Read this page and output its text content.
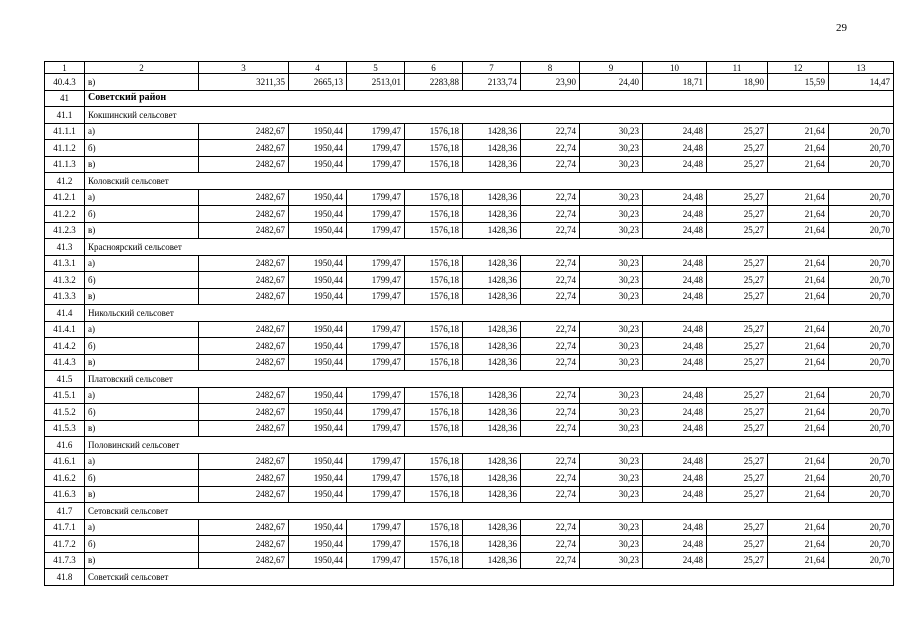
29
1	2	3	4	5	6	7	8	9	10	11	12	13
40.4.3	в)	3211,35	2665,13	2513,01	2283,88	2133,74	23,90	24,40	18,71	18,90	15,59	14,47
41	Советский район											
41.1	Кокшинский сельсовет											
41.1.1	а)	2482,67	1950,44	1799,47	1576,18	1428,36	22,74	30,23	24,48	25,27	21,64	20,70
41.1.2	б)	2482,67	1950,44	1799,47	1576,18	1428,36	22,74	30,23	24,48	25,27	21,64	20,70
41.1.3	в)	2482,67	1950,44	1799,47	1576,18	1428,36	22,74	30,23	24,48	25,27	21,64	20,70
41.2	Коловский сельсовет											
41.2.1	а)	2482,67	1950,44	1799,47	1576,18	1428,36	22,74	30,23	24,48	25,27	21,64	20,70
41.2.2	б)	2482,67	1950,44	1799,47	1576,18	1428,36	22,74	30,23	24,48	25,27	21,64	20,70
41.2.3	в)	2482,67	1950,44	1799,47	1576,18	1428,36	22,74	30,23	24,48	25,27	21,64	20,70
41.3	Красноярский сельсовет											
41.3.1	а)	2482,67	1950,44	1799,47	1576,18	1428,36	22,74	30,23	24,48	25,27	21,64	20,70
41.3.2	б)	2482,67	1950,44	1799,47	1576,18	1428,36	22,74	30,23	24,48	25,27	21,64	20,70
41.3.3	в)	2482,67	1950,44	1799,47	1576,18	1428,36	22,74	30,23	24,48	25,27	21,64	20,70
41.4	Никольский сельсовет											
41.4.1	а)	2482,67	1950,44	1799,47	1576,18	1428,36	22,74	30,23	24,48	25,27	21,64	20,70
41.4.2	б)	2482,67	1950,44	1799,47	1576,18	1428,36	22,74	30,23	24,48	25,27	21,64	20,70
41.4.3	в)	2482,67	1950,44	1799,47	1576,18	1428,36	22,74	30,23	24,48	25,27	21,64	20,70
41.5	Платовский сельсовет											
41.5.1	а)	2482,67	1950,44	1799,47	1576,18	1428,36	22,74	30,23	24,48	25,27	21,64	20,70
41.5.2	б)	2482,67	1950,44	1799,47	1576,18	1428,36	22,74	30,23	24,48	25,27	21,64	20,70
41.5.3	в)	2482,67	1950,44	1799,47	1576,18	1428,36	22,74	30,23	24,48	25,27	21,64	20,70
41.6	Половинский сельсовет											
41.6.1	а)	2482,67	1950,44	1799,47	1576,18	1428,36	22,74	30,23	24,48	25,27	21,64	20,70
41.6.2	б)	2482,67	1950,44	1799,47	1576,18	1428,36	22,74	30,23	24,48	25,27	21,64	20,70
41.6.3	в)	2482,67	1950,44	1799,47	1576,18	1428,36	22,74	30,23	24,48	25,27	21,64	20,70
41.7	Сетовский сельсовет											
41.7.1	а)	2482,67	1950,44	1799,47	1576,18	1428,36	22,74	30,23	24,48	25,27	21,64	20,70
41.7.2	б)	2482,67	1950,44	1799,47	1576,18	1428,36	22,74	30,23	24,48	25,27	21,64	20,70
41.7.3	в)	2482,67	1950,44	1799,47	1576,18	1428,36	22,74	30,23	24,48	25,27	21,64	20,70
41.8	Советский сельсовет											
